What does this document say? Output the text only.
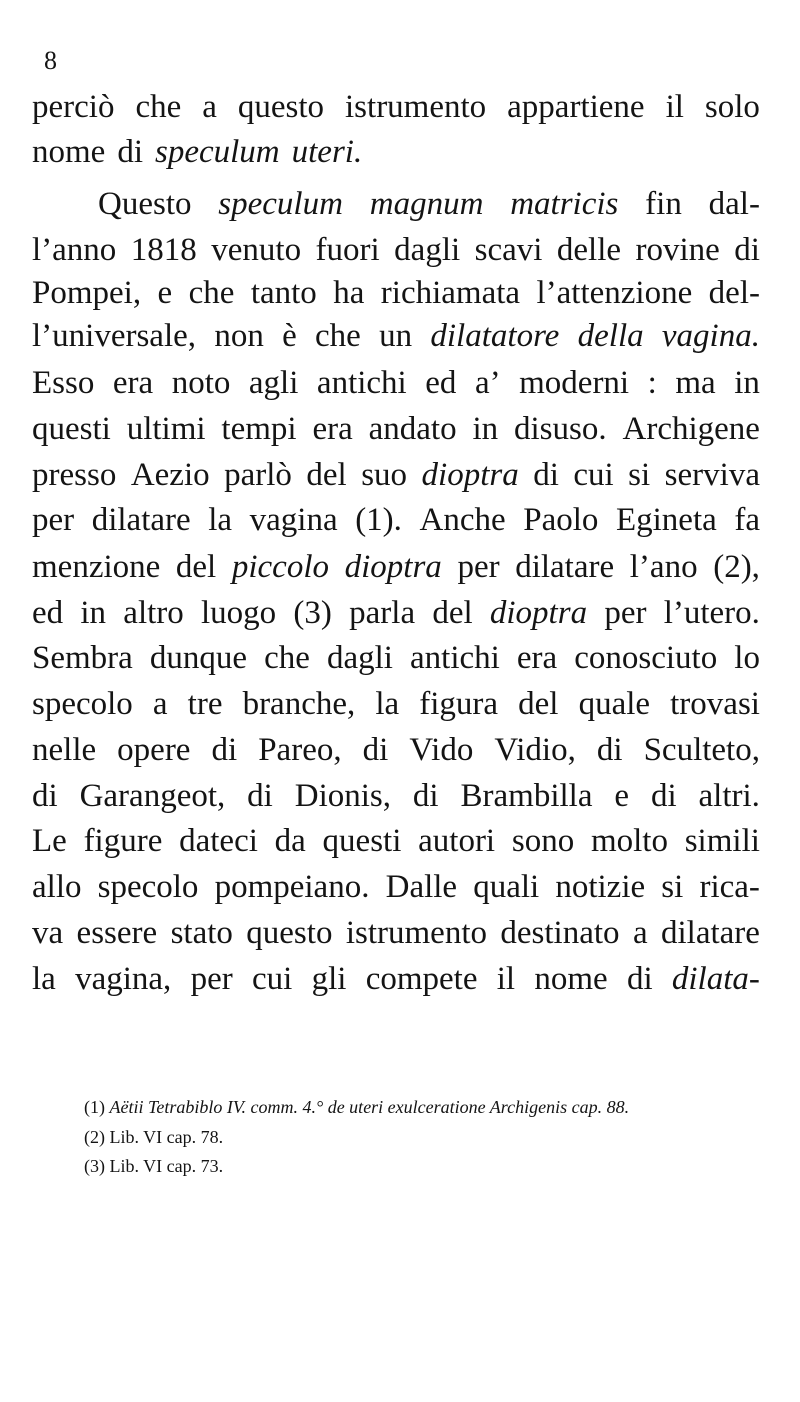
8
perciò che a questo istrumento appartiene il solo
nome di speculum uteri.
Questo speculum magnum matricis fin dal-
l’anno 1818 venuto fuori dagli scavi delle rovine di
Pompei, e che tanto ha richiamata l’attenzione del-
l’universale, non è che un dilatatore della vagina.
Esso era noto agli antichi ed a’ moderni : ma in
questi ultimi tempi era andato in disuso. Archigene
presso Aezio parlò del suo dioptra di cui si serviva
per dilatare la vagina (1). Anche Paolo Egineta fa
menzione del piccolo dioptra per dilatare l’ano (2),
ed in altro luogo (3) parla del dioptra per l’utero.
Sembra dunque che dagli antichi era conosciuto lo
specolo a tre branche, la figura del quale trovasi
nelle opere di Pareo, di Vido Vidio, di Sculteto,
di Garangeot, di Dionis, di Brambilla e di altri.
Le figure dateci da questi autori sono molto simili
allo specolo pompeiano. Dalle quali notizie si rica-
va essere stato questo istrumento destinato a dilatare
la vagina, per cui gli compete il nome di dilata-
(1) Aëtii Tetrabiblo IV. comm. 4.° de uteri exulceratione Archigenis cap. 88.
(2) Lib. VI cap. 78.
(3) Lib. VI cap. 73.
